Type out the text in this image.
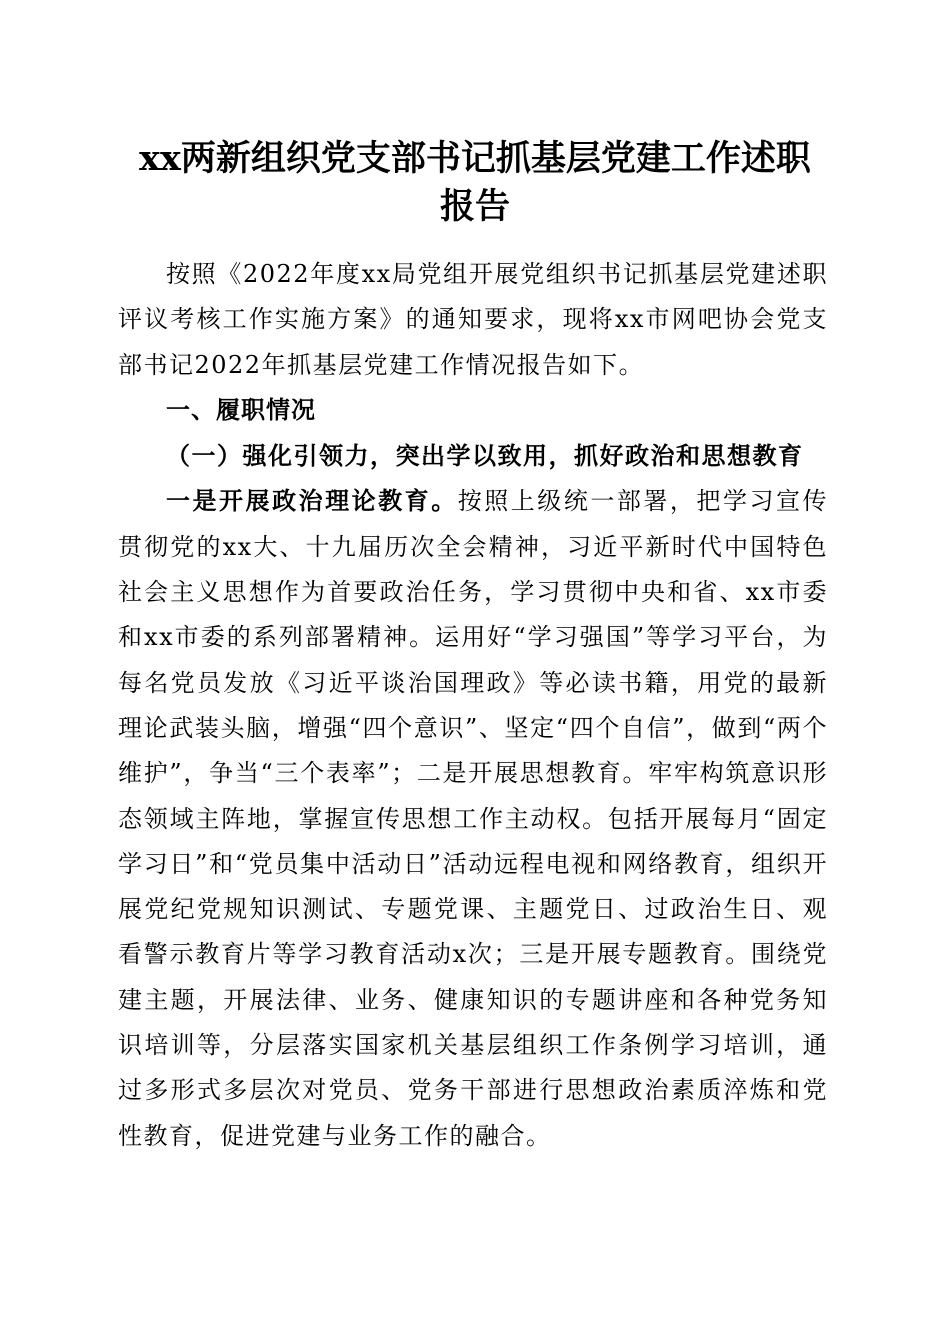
xx两新组织党支部书记抓基层党建工作述职
报告

按照《2022年度xx局党组开展党组织书记抓基层党建述职评议考核工作实施方案》的通知要求，现将xx市网吧协会党支部书记2022年抓基层党建工作情况报告如下。

一、履职情况

（一）强化引领力，突出学以致用，抓好政治和思想教育

一是开展政治理论教育。按照上级统一部署，把学习宣传贯彻党的xx大、十九届历次全会精神，习近平新时代中国特色社会主义思想作为首要政治任务，学习贯彻中央和省、xx市委和xx市委的系列部署精神。运用好“学习强国”等学习平台，为每名党员发放《习近平谈治国理政》等必读书籍，用党的最新理论武装头脑，增强“四个意识”、坚定“四个自信”，做到“两个维护”，争当“三个表率”；二是开展思想教育。牢牢构筑意识形态领域主阵地，掌握宣传思想工作主动权。包括开展每月“固定学习日”和“党员集中活动日”活动远程电视和网络教育，组织开展党纪党规知识测试、专题党课、主题党日、过政治生日、观看警示教育片等学习教育活动x次；三是开展专题教育。围绕党建主题，开展法律、业务、健康知识的专题讲座和各种党务知识培训等，分层落实国家机关基层组织工作条例学习培训，通过多形式多层次对党员、党务干部进行思想政治素质淬炼和党性教育，促进党建与业务工作的融合。
